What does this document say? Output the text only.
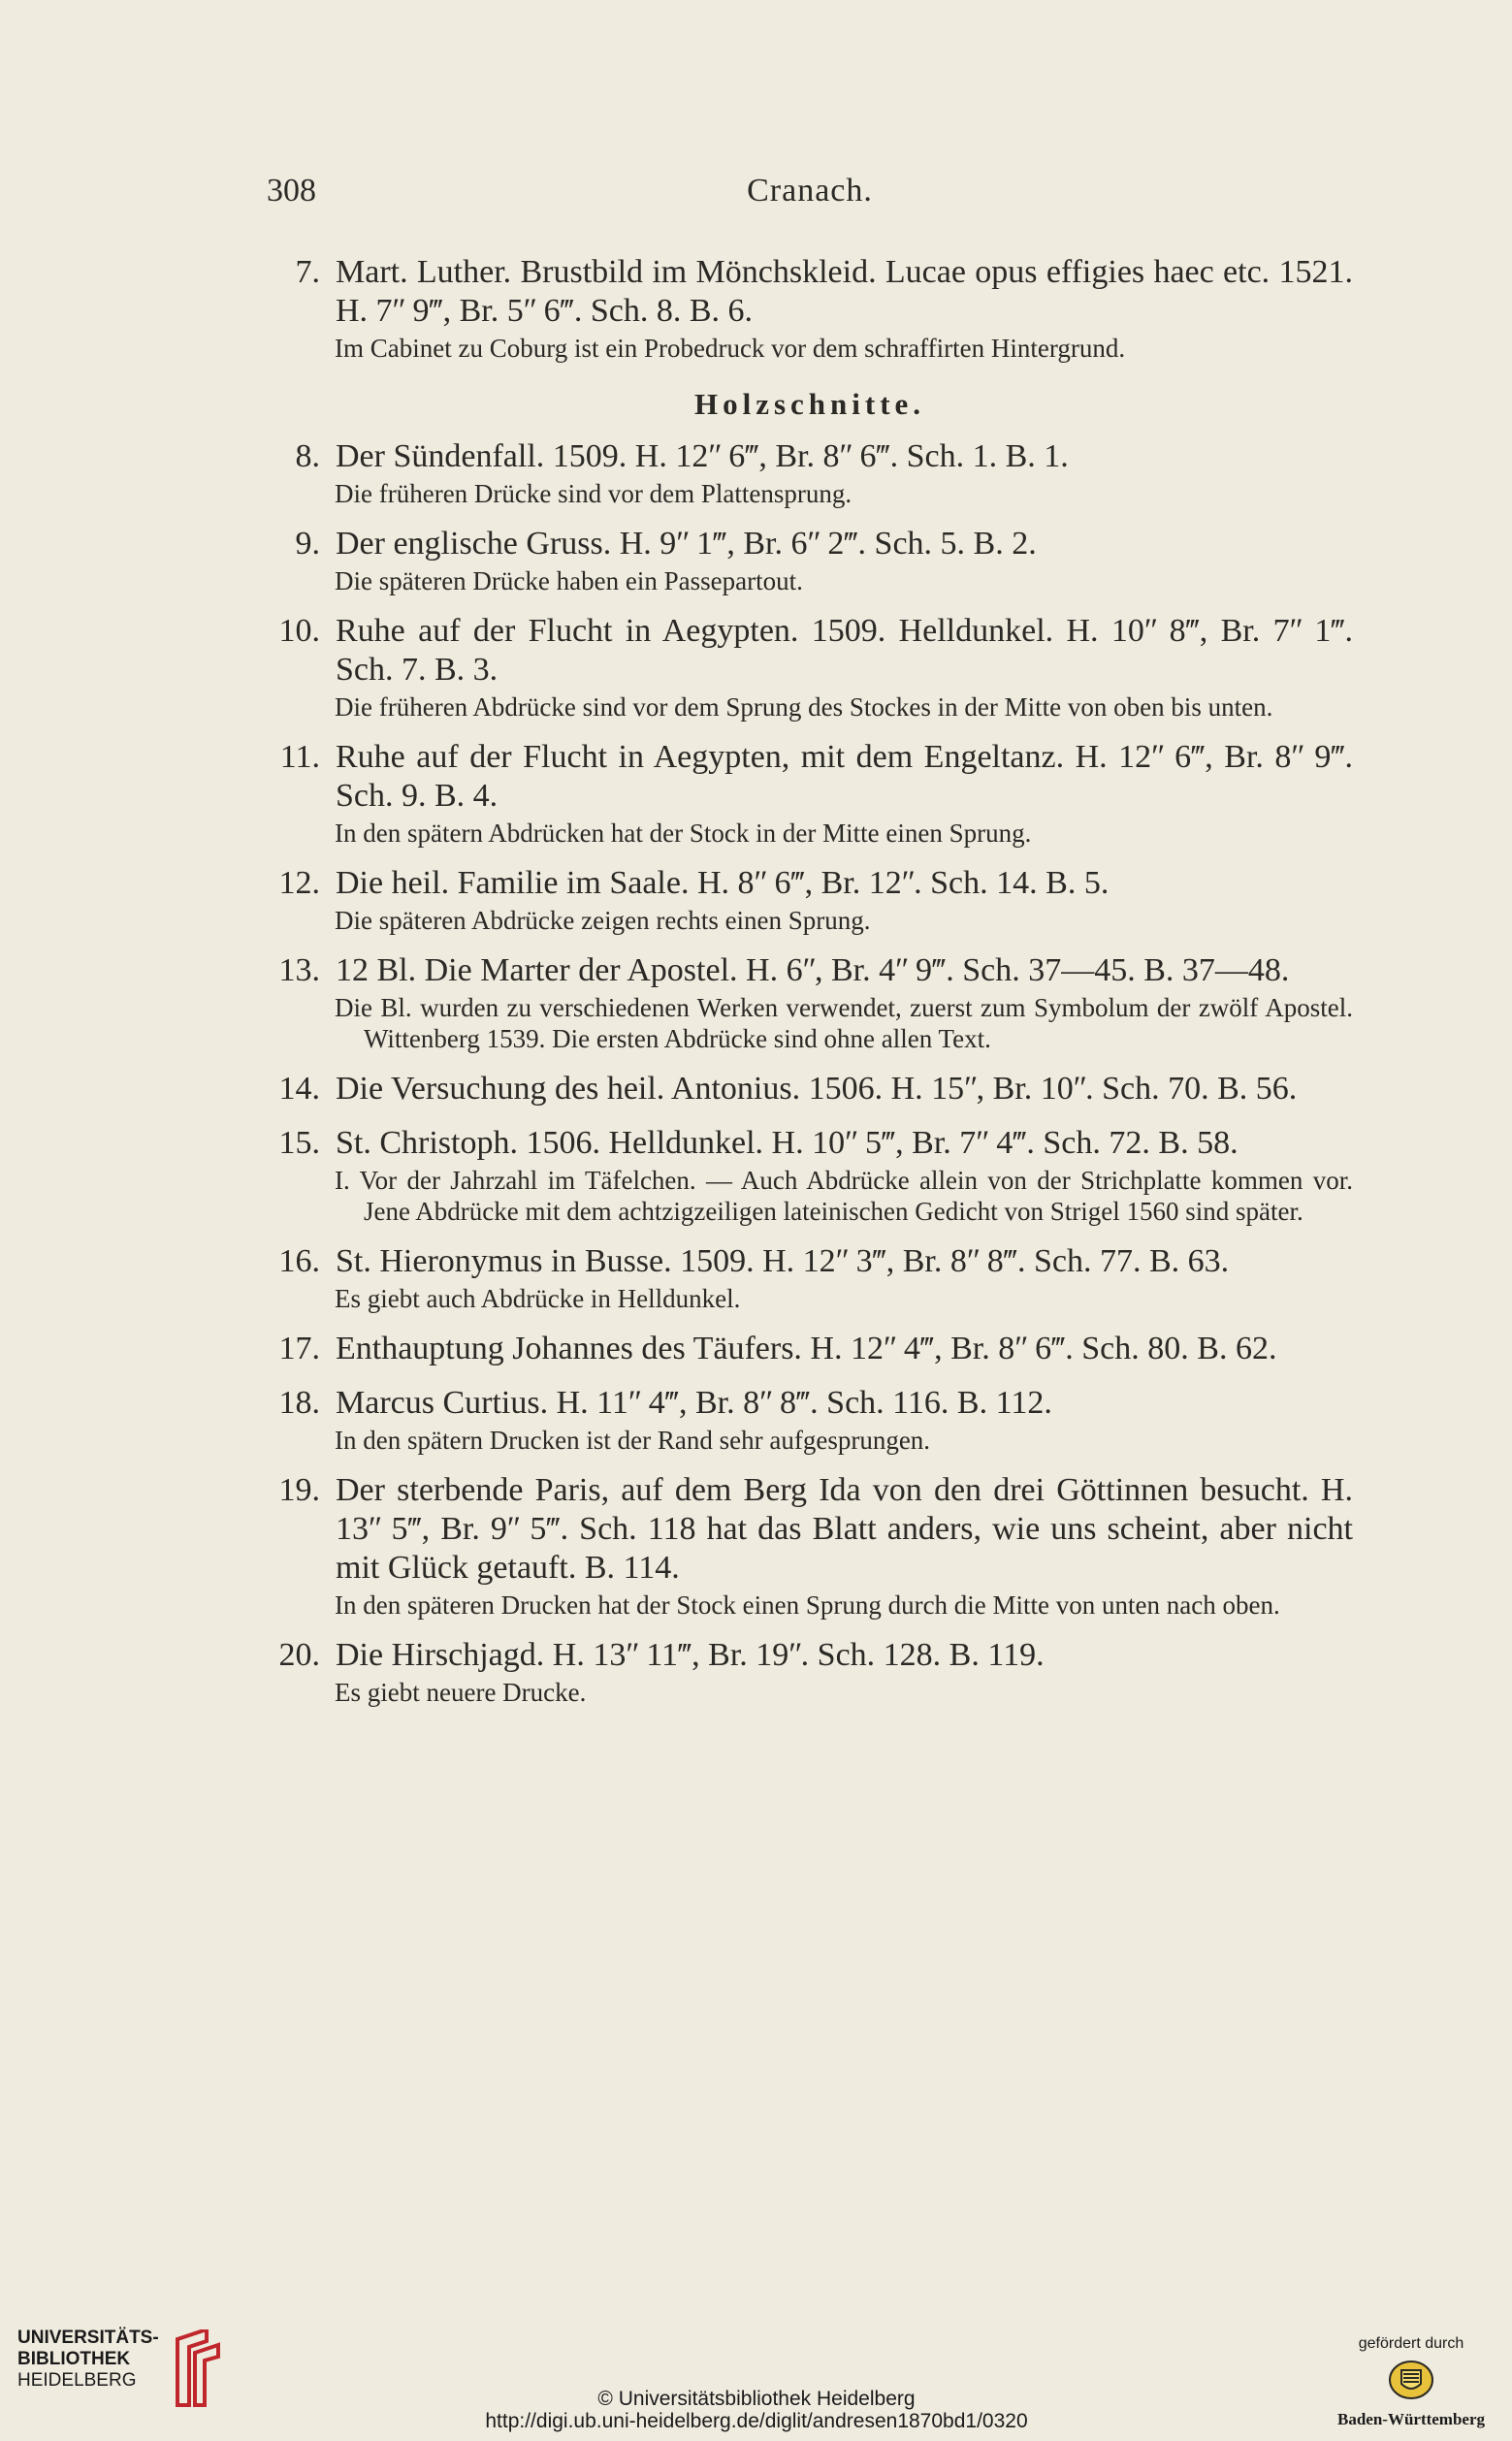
308	Cranach.
7. Mart. Luther. Brustbild im Mönchskleid. Lucae opus effigies haec etc. 1521. H. 7ʺ 9‴, Br. 5ʺ 6‴. Sch. 8. B. 6.
Im Cabinet zu Coburg ist ein Probedruck vor dem schraffirten Hintergrund.
Holzschnitte.
8. Der Sündenfall. 1509. H. 12ʺ 6‴, Br. 8ʺ 6‴. Sch. 1. B. 1.
Die früheren Drücke sind vor dem Plattensprung.
9. Der englische Gruss. H. 9ʺ 1‴, Br. 6ʺ 2‴. Sch. 5. B. 2.
Die späteren Drücke haben ein Passepartout.
10. Ruhe auf der Flucht in Aegypten. 1509. Helldunkel. H. 10ʺ 8‴, Br. 7ʺ 1‴. Sch. 7. B. 3.
Die früheren Abdrücke sind vor dem Sprung des Stockes in der Mitte von oben bis unten.
11. Ruhe auf der Flucht in Aegypten, mit dem Engeltanz. H. 12ʺ 6‴, Br. 8ʺ 9‴. Sch. 9. B. 4.
In den spätern Abdrücken hat der Stock in der Mitte einen Sprung.
12. Die heil. Familie im Saale. H. 8ʺ 6‴, Br. 12ʺ. Sch. 14. B. 5.
Die späteren Abdrücke zeigen rechts einen Sprung.
13. 12 Bl. Die Marter der Apostel. H. 6ʺ, Br. 4ʺ 9‴. Sch. 37—45. B. 37—48.
Die Bl. wurden zu verschiedenen Werken verwendet, zuerst zum Symbolum der zwölf Apostel. Wittenberg 1539. Die ersten Abdrücke sind ohne allen Text.
14. Die Versuchung des heil. Antonius. 1506. H. 15ʺ, Br. 10ʺ. Sch. 70. B. 56.
15. St. Christoph. 1506. Helldunkel. H. 10ʺ 5‴, Br. 7ʺ 4‴. Sch. 72. B. 58.
I. Vor der Jahrzahl im Täfelchen. — Auch Abdrücke allein von der Strichplatte kommen vor. Jene Abdrücke mit dem achtzigzeiligen lateinischen Gedicht von Strigel 1560 sind später.
16. St. Hieronymus in Busse. 1509. H. 12ʺ 3‴, Br. 8ʺ 8‴. Sch. 77. B. 63.
Es giebt auch Abdrücke in Helldunkel.
17. Enthauptung Johannes des Täufers. H. 12ʺ 4‴, Br. 8ʺ 6‴. Sch. 80. B. 62.
18. Marcus Curtius. H. 11ʺ 4‴, Br. 8ʺ 8‴. Sch. 116. B. 112.
In den spätern Drucken ist der Rand sehr aufgesprungen.
19. Der sterbende Paris, auf dem Berg Ida von den drei Göttinnen besucht. H. 13ʺ 5‴, Br. 9ʺ 5‴. Sch. 118 hat das Blatt anders, wie uns scheint, aber nicht mit Glück getauft. B. 114.
In den späteren Drucken hat der Stock einen Sprung durch die Mitte von unten nach oben.
20. Die Hirschjagd. H. 13ʺ 11‴, Br. 19ʺ. Sch. 128. B. 119.
Es giebt neuere Drucke.
UNIVERSITÄTS-
BIBLIOTHEK
HEIDELBERG
© Universitätsbibliothek Heidelberg
http://digi.ub.uni-heidelberg.de/diglit/andresen1870bd1/0320
gefördert durch
Baden-Württemberg
